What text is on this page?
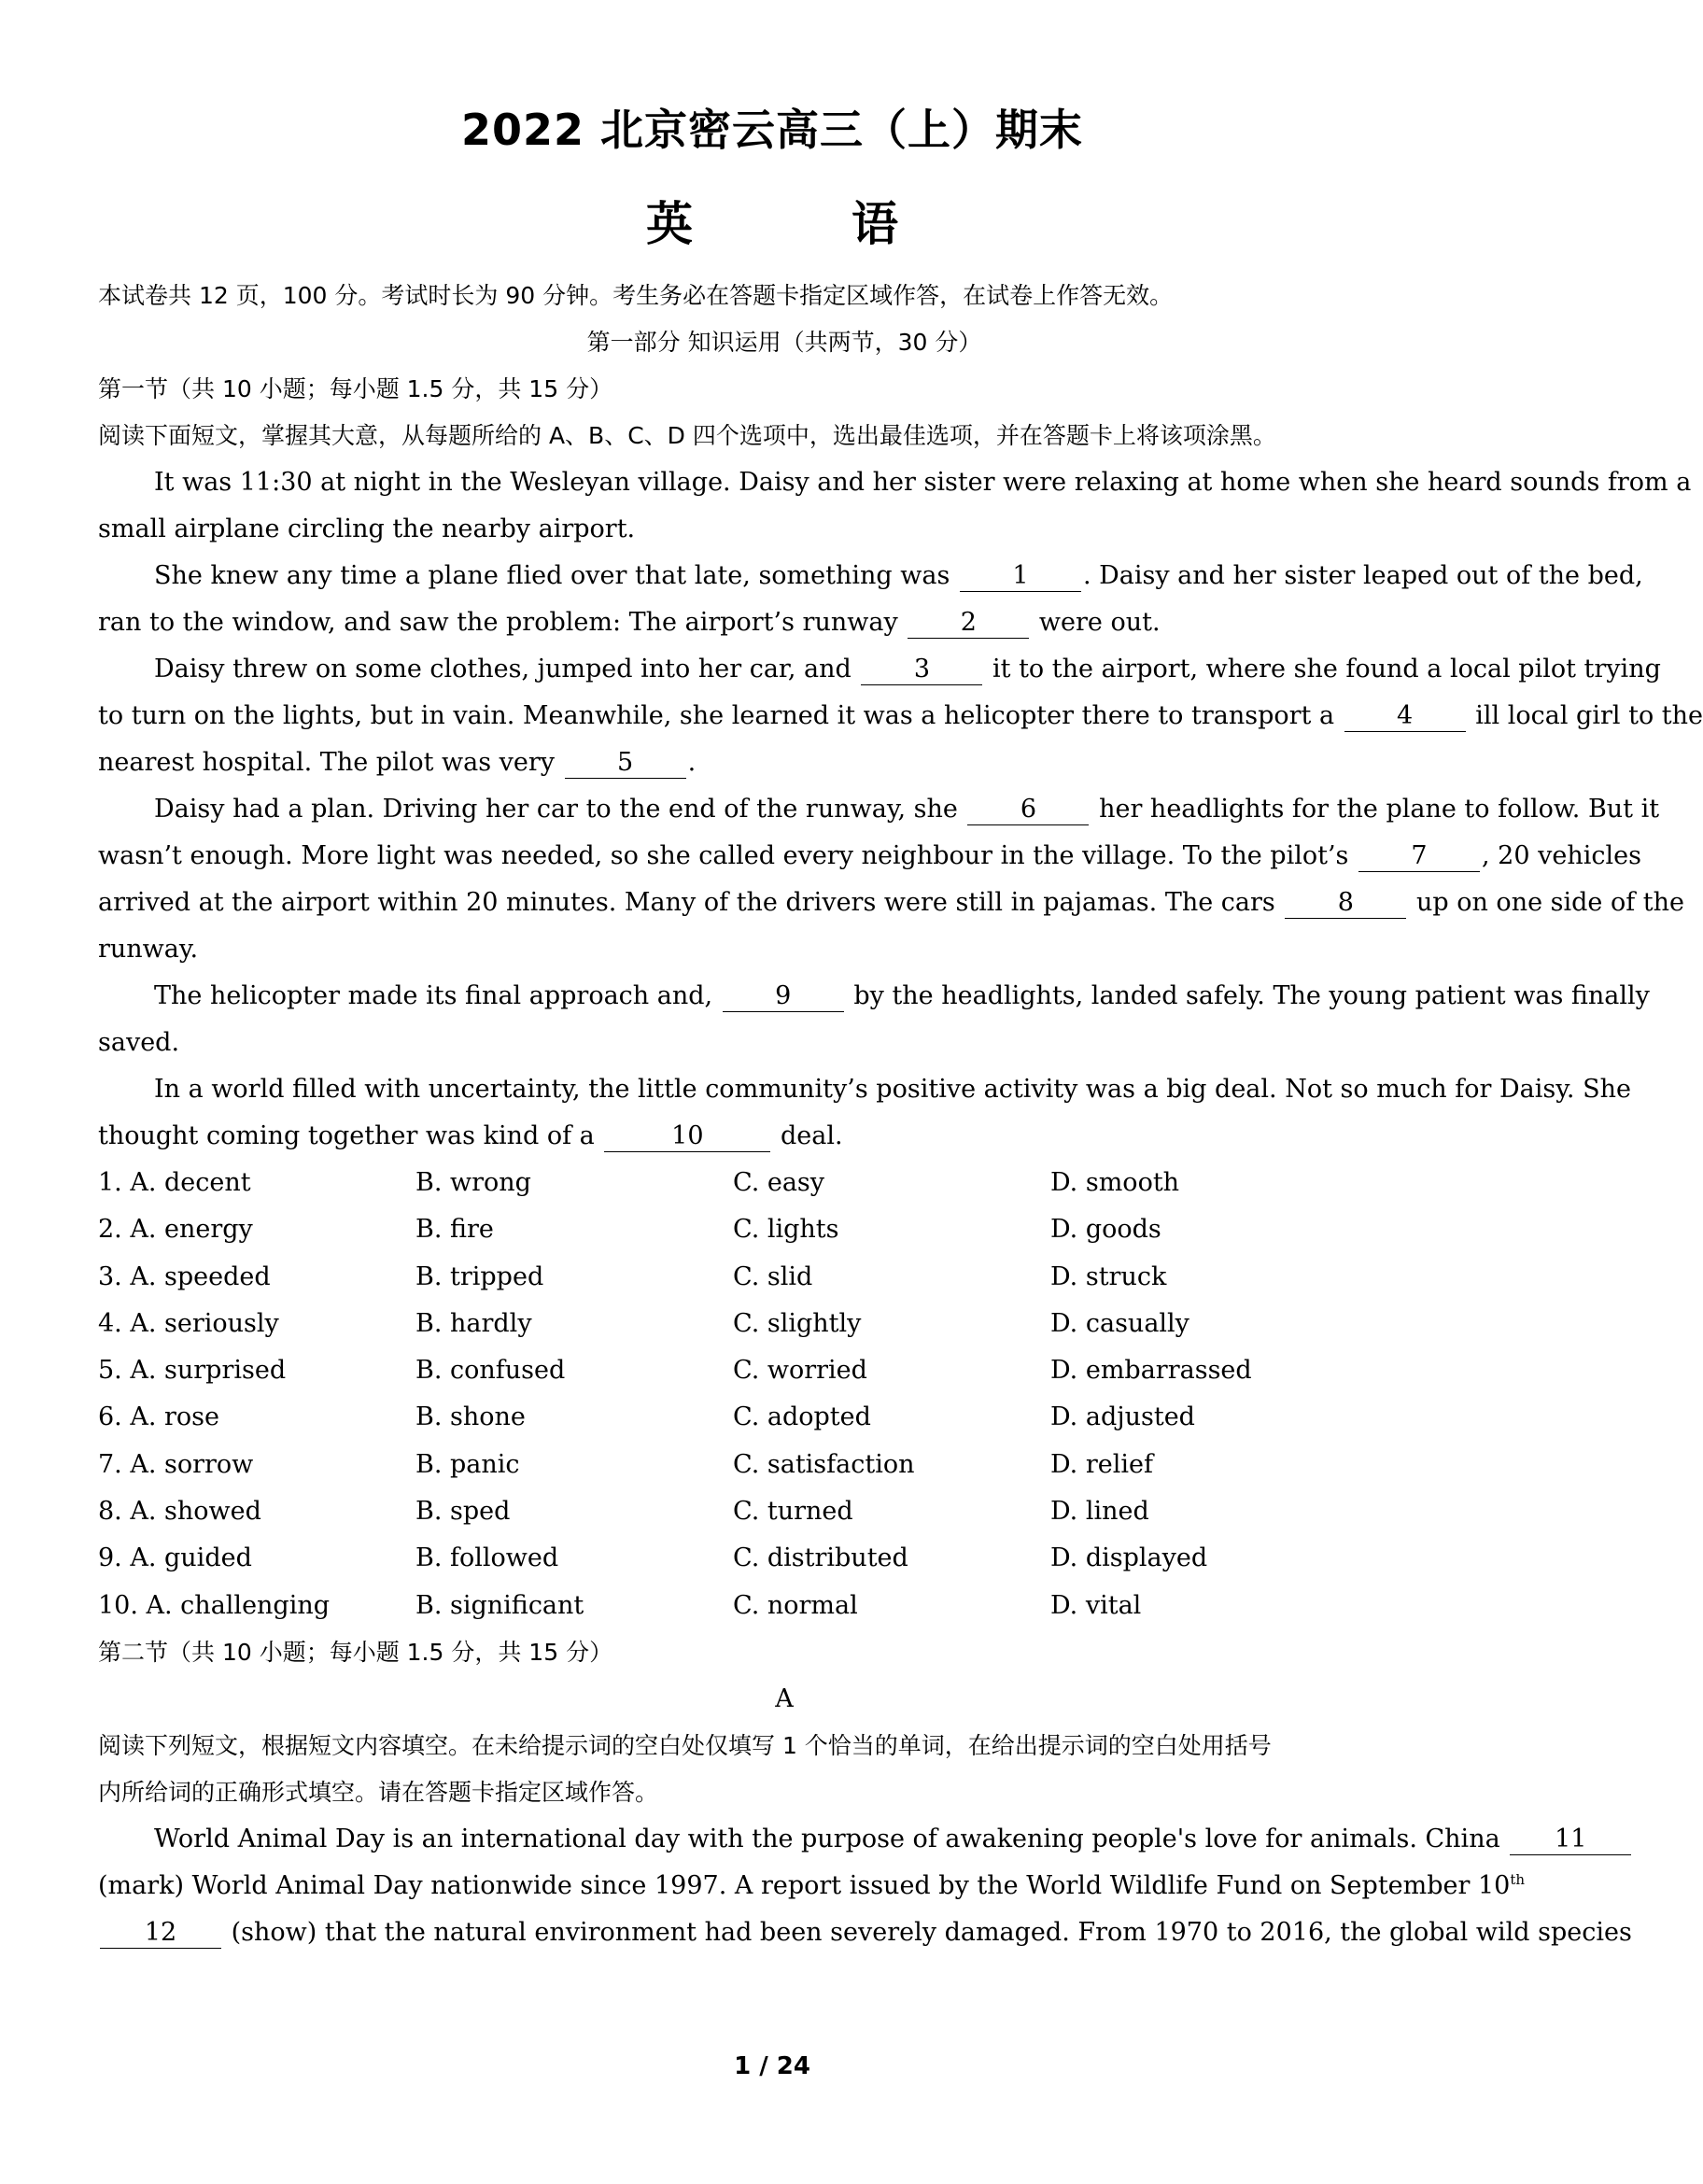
2022 北京密云高三（上）期末
英　语
本试卷共 12 页，100 分。考试时长为 90 分钟。考生务必在答题卡指定区域作答，在试卷上作答无效。
第一部分 知识运用（共两节，30 分）
第一节（共 10 小题；每小题 1.5 分，共 15 分）
阅读下面短文，掌握其大意，从每题所给的 A、B、C、D 四个选项中，选出最佳选项，并在答题卡上将该项涂黑。
It was 11:30 at night in the Wesleyan village. Daisy and her sister were relaxing at home when she heard sounds from a
small airplane circling the nearby airport.
She knew any time a plane flied over that late, something was 1 . Daisy and her sister leaped out of the bed,
ran to the window, and saw the problem: The airport’s runway 2 were out.
Daisy threw on some clothes, jumped into her car, and 3 it to the airport, where she found a local pilot trying
to turn on the lights, but in vain. Meanwhile, she learned it was a helicopter there to transport a 4 ill local girl to the
nearest hospital. The pilot was very 5 .
Daisy had a plan. Driving her car to the end of the runway, she 6 her headlights for the plane to follow. But it
wasn’t enough. More light was needed, so she called every neighbour in the village. To the pilot’s 7 , 20 vehicles
arrived at the airport within 20 minutes. Many of the drivers were still in pajamas. The cars 8 up on one side of the
runway.
The helicopter made its final approach and, 9 by the headlights, landed safely. The young patient was finally
saved.
In a world filled with uncertainty, the little community’s positive activity was a big deal. Not so much for Daisy. She
thought coming together was kind of a	10	deal.
1. A. decent	B. wrong	C. easy	D. smooth
2. A. energy	B. fire	C. lights	D. goods
3. A. speeded	B. tripped	C. slid	D. struck
4. A. seriously	B. hardly	C. slightly	D. casually
5. A. surprised	B. confused	C. worried	D. embarrassed
6. A. rose	B. shone	C. adopted	D. adjusted
7. A. sorrow	B. panic	C. satisfaction	D. relief
8. A. showed	B. sped	C. turned	D. lined
9. A. guided	B. followed	C. distributed	D. displayed
10. A. challenging	B. significant	C. normal	D. vital
第二节（共 10 小题；每小题 1.5 分，共 15 分）
A
阅读下列短文，根据短文内容填空。在未给提示词的空白处仅填写 1 个恰当的单词，在给出提示词的空白处用括号
内所给词的正确形式填空。请在答题卡指定区域作答。
World Animal Day is an international day with the purpose of awakening people's love for animals. China 11
(mark) World Animal Day nationwide since 1997. A report issued by the World Wildlife Fund on September 10th
12 (show) that the natural environment had been severely damaged. From 1970 to 2016, the global wild species
1 / 24
